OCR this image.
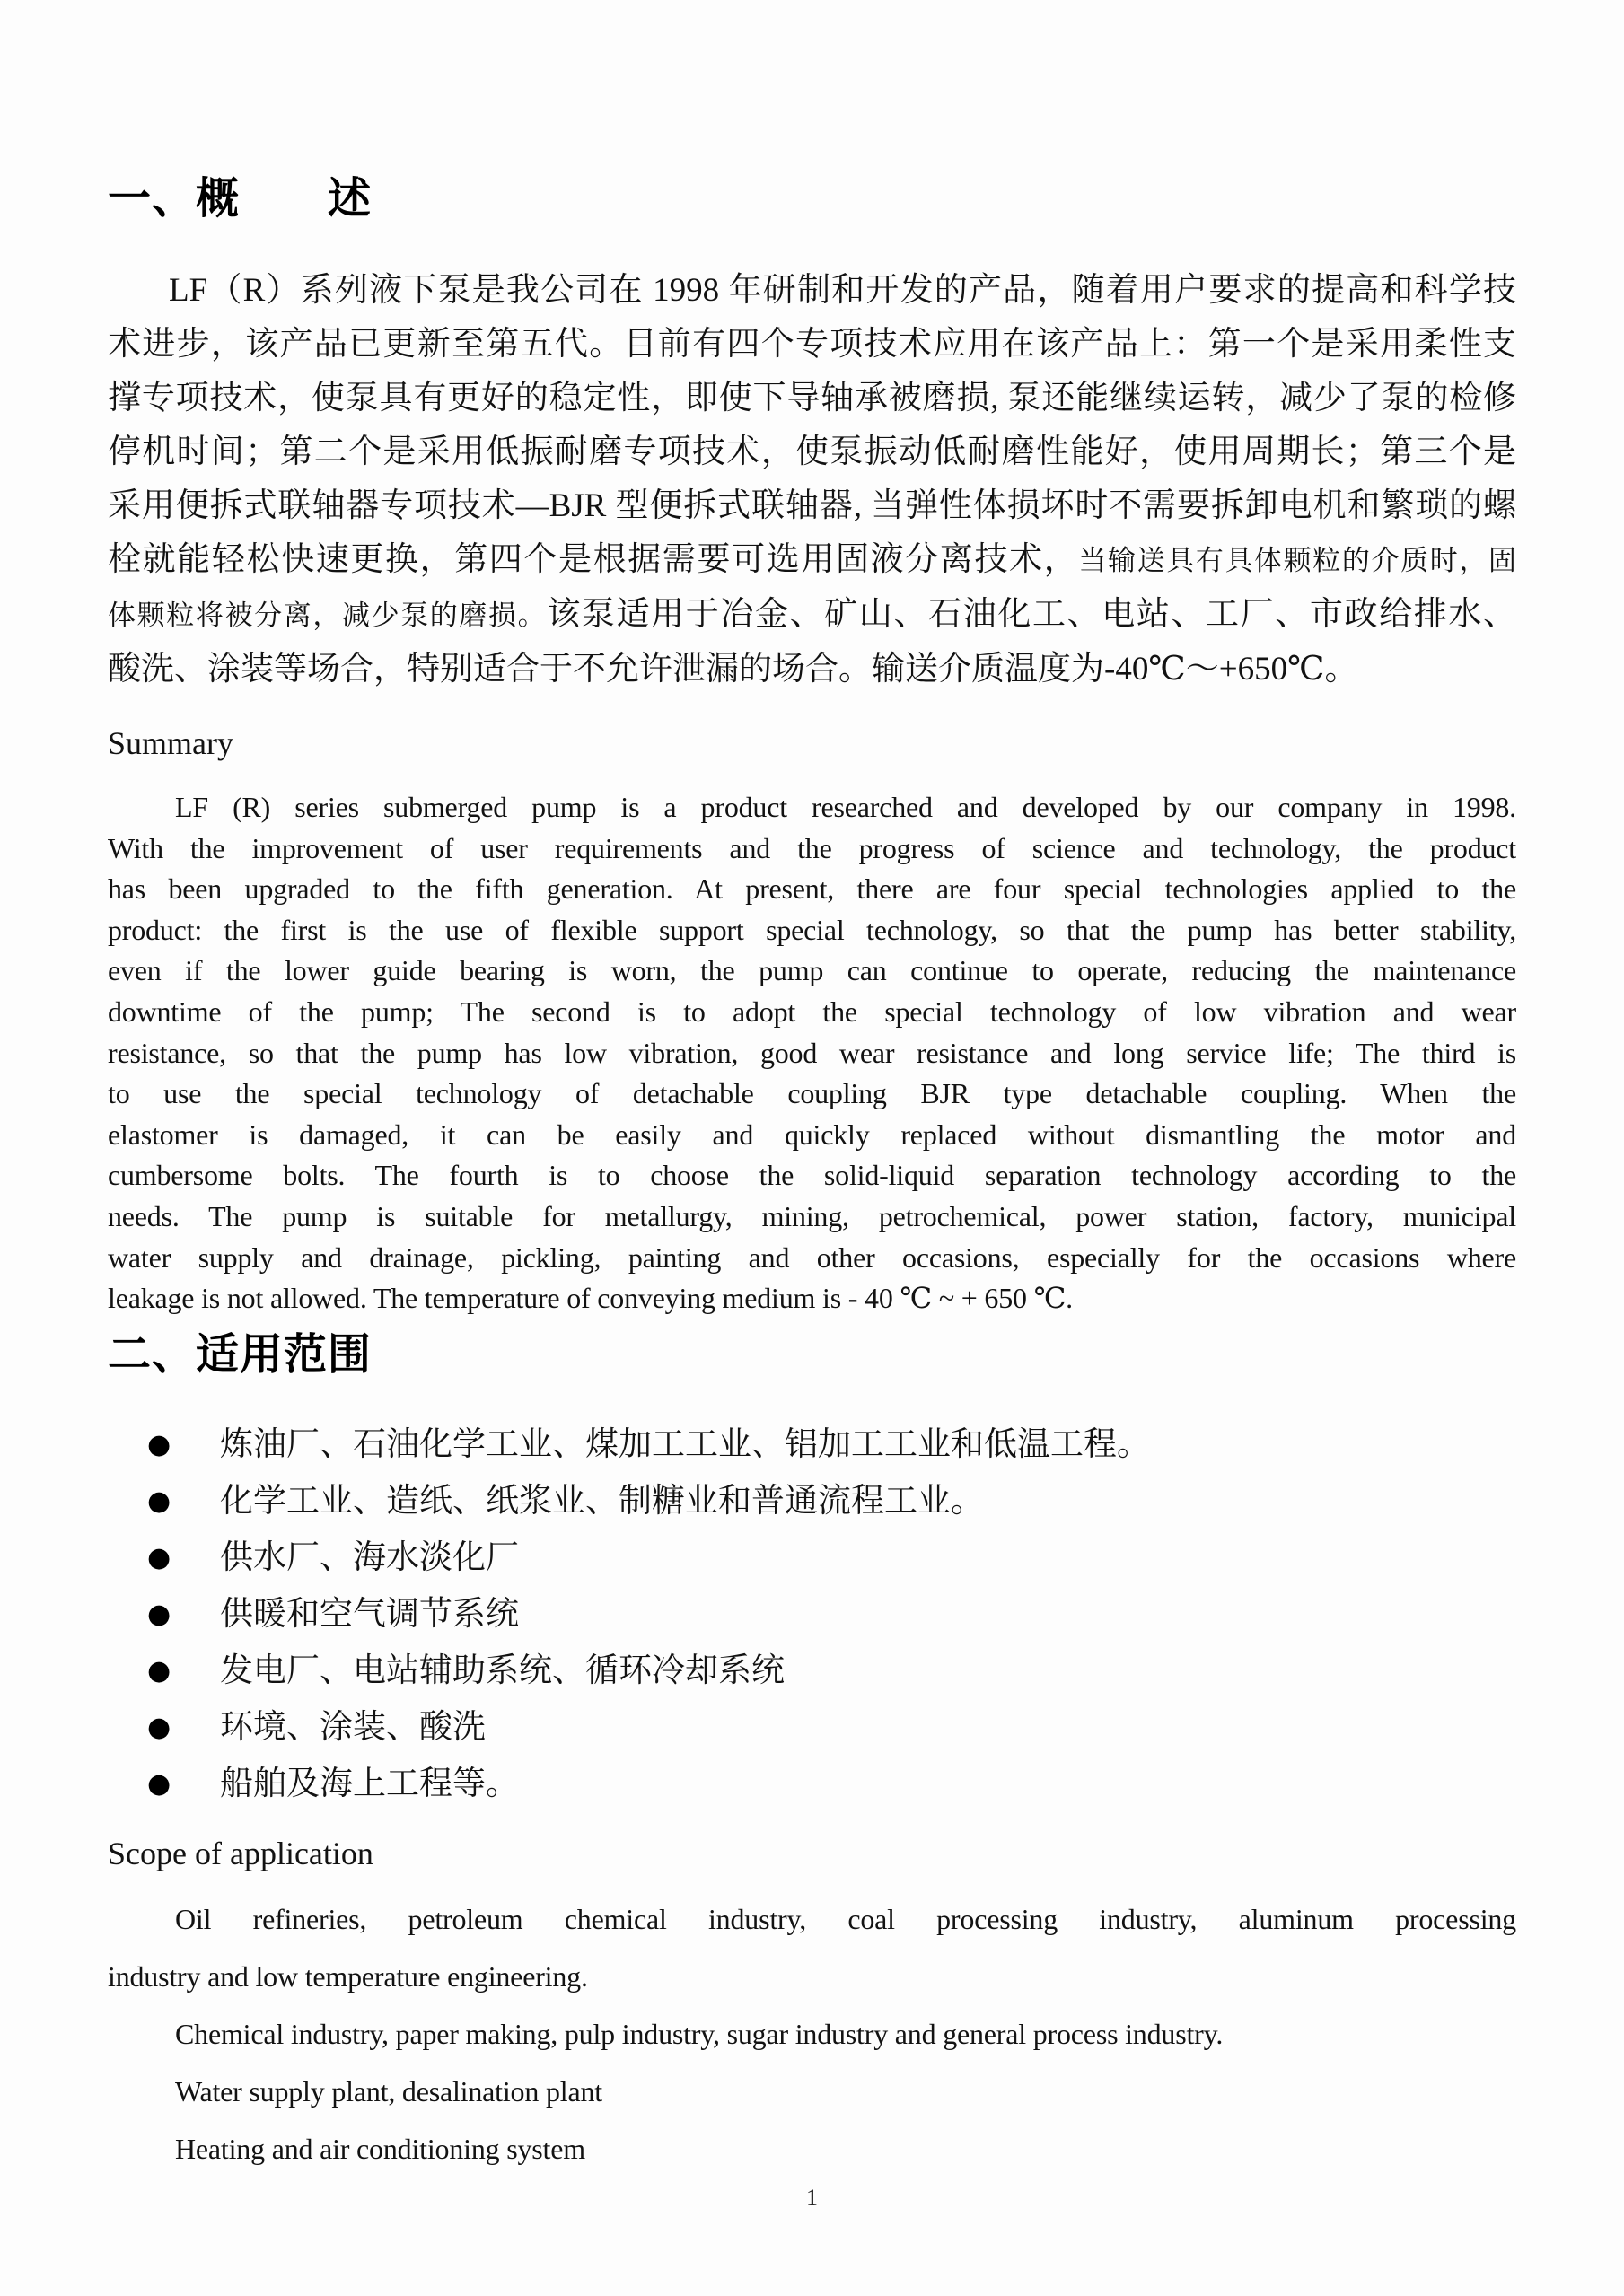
一、概　　述
LF（R）系列液下泵是我公司在 1998 年研制和开发的产品，随着用户要求的提高和科学技
术进步，该产品已更新至第五代。目前有四个专项技术应用在该产品上：第一个是采用柔性支
撑专项技术，使泵具有更好的稳定性，即使下导轴承被磨损, 泵还能继续运转，减少了泵的检修
停机时间；第二个是采用低振耐磨专项技术，使泵振动低耐磨性能好，使用周期长；第三个是
采用便拆式联轴器专项技术—BJR 型便拆式联轴器, 当弹性体损坏时不需要拆卸电机和繁琐的螺
栓就能轻松快速更换，第四个是根据需要可选用固液分离技术，当输送具有具体颗粒的介质时，固
体颗粒将被分离，减少泵的磨损。该泵适用于冶金、矿山、石油化工、电站、工厂、市政给排水、
酸洗、涂装等场合，特别适合于不允许泄漏的场合。输送介质温度为-40℃～+650℃。
Summary
LF (R) series submerged pump is a product researched and developed by our company in 1998.
With the improvement of user requirements and the progress of science and technology, the product
has been upgraded to the fifth generation. At present, there are four special technologies applied to the
product: the first is the use of flexible support special technology, so that the pump has better stability,
even if the lower guide bearing is worn, the pump can continue to operate, reducing the maintenance
downtime of the pump; The second is to adopt the special technology of low vibration and wear
resistance, so that the pump has low vibration, good wear resistance and long service life; The third is
to use the special technology of detachable coupling BJR type detachable coupling. When the
elastomer is damaged, it can be easily and quickly replaced without dismantling the motor and
cumbersome bolts. The fourth is to choose the solid-liquid separation technology according to the
needs. The pump is suitable for metallurgy, mining, petrochemical, power station, factory, municipal
water supply and drainage, pickling, painting and other occasions, especially for the occasions where
leakage is not allowed. The temperature of conveying medium is - 40 ℃ ~ + 650 ℃.
二、适用范围
● 炼油厂、石油化学工业、煤加工工业、铝加工工业和低温工程。
● 化学工业、造纸、纸浆业、制糖业和普通流程工业。
● 供水厂、海水淡化厂
● 供暖和空气调节系统
● 发电厂、电站辅助系统、循环冷却系统
● 环境、涂装、酸洗
● 船舶及海上工程等。
Scope of application
Oil refineries, petroleum chemical industry, coal processing industry, aluminum processing
industry and low temperature engineering.
Chemical industry, paper making, pulp industry, sugar industry and general process industry.
Water supply plant, desalination plant
Heating and air conditioning system
1
